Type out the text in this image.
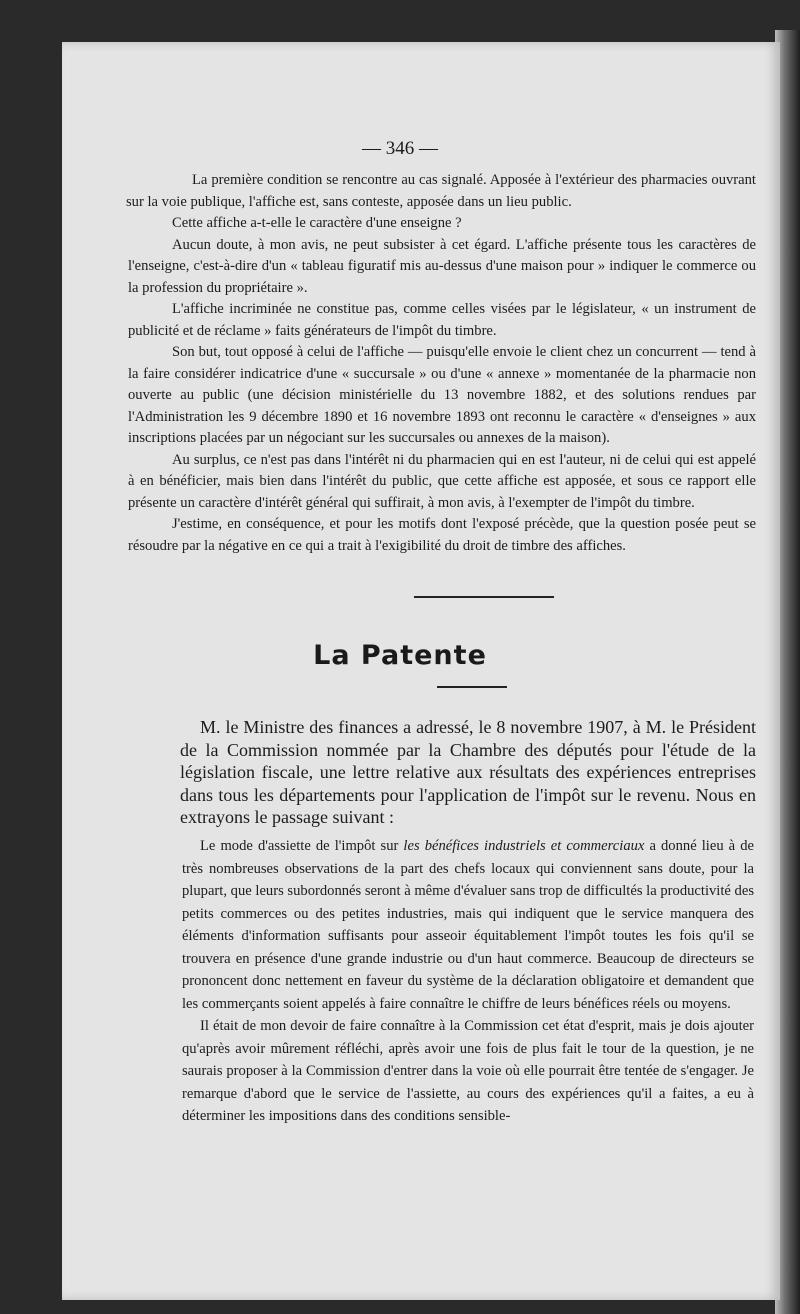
— 346 —

La première condition se rencontre au cas signalé. Apposée à l'extérieur des pharmacies ouvrant sur la voie publique, l'affiche est, sans conteste, apposée dans un lieu public.

Cette affiche a-t-elle le caractère d'une enseigne ?

Aucun doute, à mon avis, ne peut subsister à cet égard. L'affiche présente tous les caractères de l'enseigne, c'est-à-dire d'un « tableau figuratif mis au-dessus d'une maison pour » indiquer le commerce ou la profession du propriétaire ».

L'affiche incriminée ne constitue pas, comme celles visées par le législateur, « un instrument de publicité et de réclame » faits générateurs de l'impôt du timbre.

Son but, tout opposé à celui de l'affiche — puisqu'elle envoie le client chez un concurrent — tend à la faire considérer indicatrice d'une « succursale » ou d'une « annexe » momentanée de la pharmacie non ouverte au public (une décision ministérielle du 13 novembre 1882, et des solutions rendues par l'Administration les 9 décembre 1890 et 16 novembre 1893 ont reconnu le caractère « d'enseignes » aux inscriptions placées par un négociant sur les succursales ou annexes de la maison).

Au surplus, ce n'est pas dans l'intérêt ni du pharmacien qui en est l'auteur, ni de celui qui est appelé à en bénéficier, mais bien dans l'intérêt du public, que cette affiche est apposée, et sous ce rapport elle présente un caractère d'intérêt général qui suffirait, à mon avis, à l'exempter de l'impôt du timbre.

J'estime, en conséquence, et pour les motifs dont l'exposé précède, que la question posée peut se résoudre par la négative en ce qui a trait à l'exigibilité du droit de timbre des affiches.

La Patente

M. le Ministre des finances a adressé, le 8 novembre 1907, à M. le Président de la Commission nommée par la Chambre des députés pour l'étude de la législation fiscale, une lettre relative aux résultats des expériences entreprises dans tous les départements pour l'application de l'impôt sur le revenu. Nous en extrayons le passage suivant :

Le mode d'assiette de l'impôt sur les bénéfices industriels et commerciaux a donné lieu à de très nombreuses observations de la part des chefs locaux qui conviennent sans doute, pour la plupart, que leurs subordonnés seront à même d'évaluer sans trop de difficultés la productivité des petits commerces ou des petites industries, mais qui indiquent que le service manquera des éléments d'information suffisants pour asseoir équitablement l'impôt toutes les fois qu'il se trouvera en présence d'une grande industrie ou d'un haut commerce. Beaucoup de directeurs se prononcent donc nettement en faveur du système de la déclaration obligatoire et demandent que les commerçants soient appelés à faire connaître le chiffre de leurs bénéfices réels ou moyens.

Il était de mon devoir de faire connaître à la Commission cet état d'esprit, mais je dois ajouter qu'après avoir mûrement réfléchi, après avoir une fois de plus fait le tour de la question, je ne saurais proposer à la Commission d'entrer dans la voie où elle pourrait être tentée de s'engager. Je remarque d'abord que le service de l'assiette, au cours des expériences qu'il a faites, a eu à déterminer les impositions dans des conditions sensible-
